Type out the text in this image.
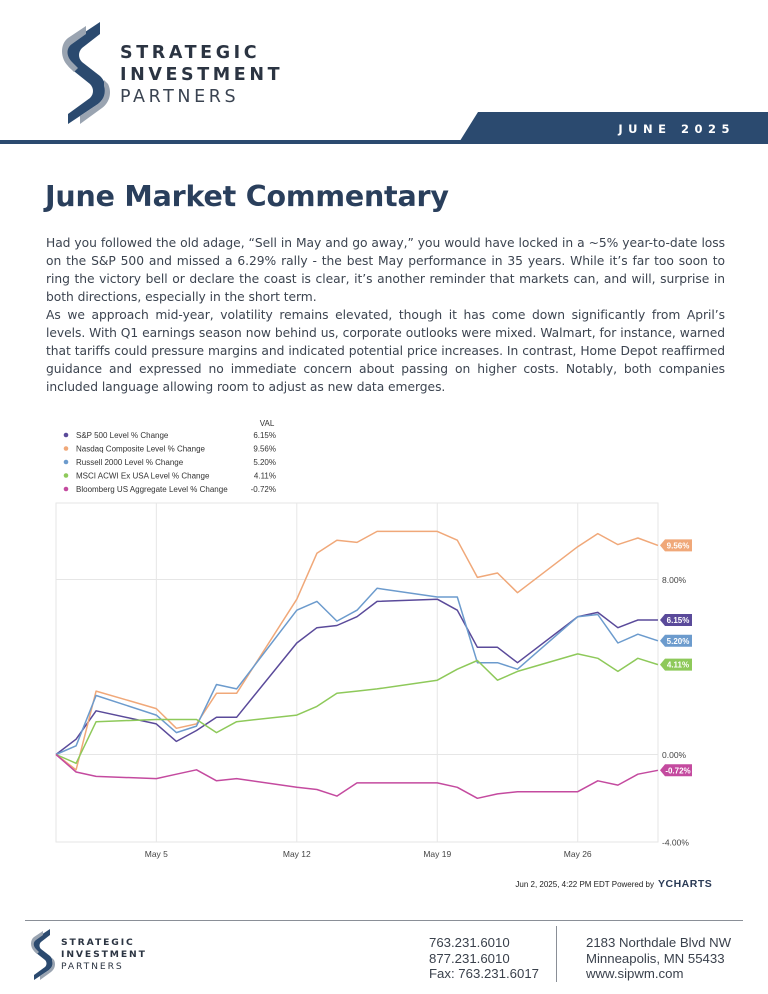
STRATEGIC
INVESTMENT
PARTNERS
JUNE 2025
June Market Commentary

Had you followed the old adage, “Sell in May and go away,” you would have locked in a ~5% year-to-date loss on the S&P 500 and missed a 6.29% rally - the best May performance in 35 years. While it’s far too soon to ring the victory bell or declare the coast is clear, it’s another reminder that markets can, and will, surprise in both directions, especially in the short term.

As we approach mid-year, volatility remains elevated, though it has come down significantly from April’s levels. With Q1 earnings season now behind us, corporate outlooks were mixed. Walmart, for instance, warned that tariffs could pressure margins and indicated potential price increases. In contrast, Home Depot reaffirmed guidance and expressed no immediate concern about passing on higher costs. Notably, both companies included language allowing room to adjust as new data emerges.

8.00%
0.00%
-4.00%
May 5	May 12	May 19	May 26
6.15%
9.56%
5.20%
4.11%
-0.72%
VAL
S&P 500 Level % Change	6.15%
Nasdaq Composite Level % Change	9.56%
Russell 2000 Level % Change	5.20%
MSCI ACWI Ex USA Level % Change	4.11%
Bloomberg US Aggregate Level % Change	-0.72%
Jun 2, 2025, 4:22 PM EDT Powered by YCHARTS
STRATEGIC
INVESTMENT
PARTNERS
763.231.6010
877.231.6010
Fax: 763.231.6017
2183 Northdale Blvd NW
Minneapolis, MN 55433
www.sipwm.com
